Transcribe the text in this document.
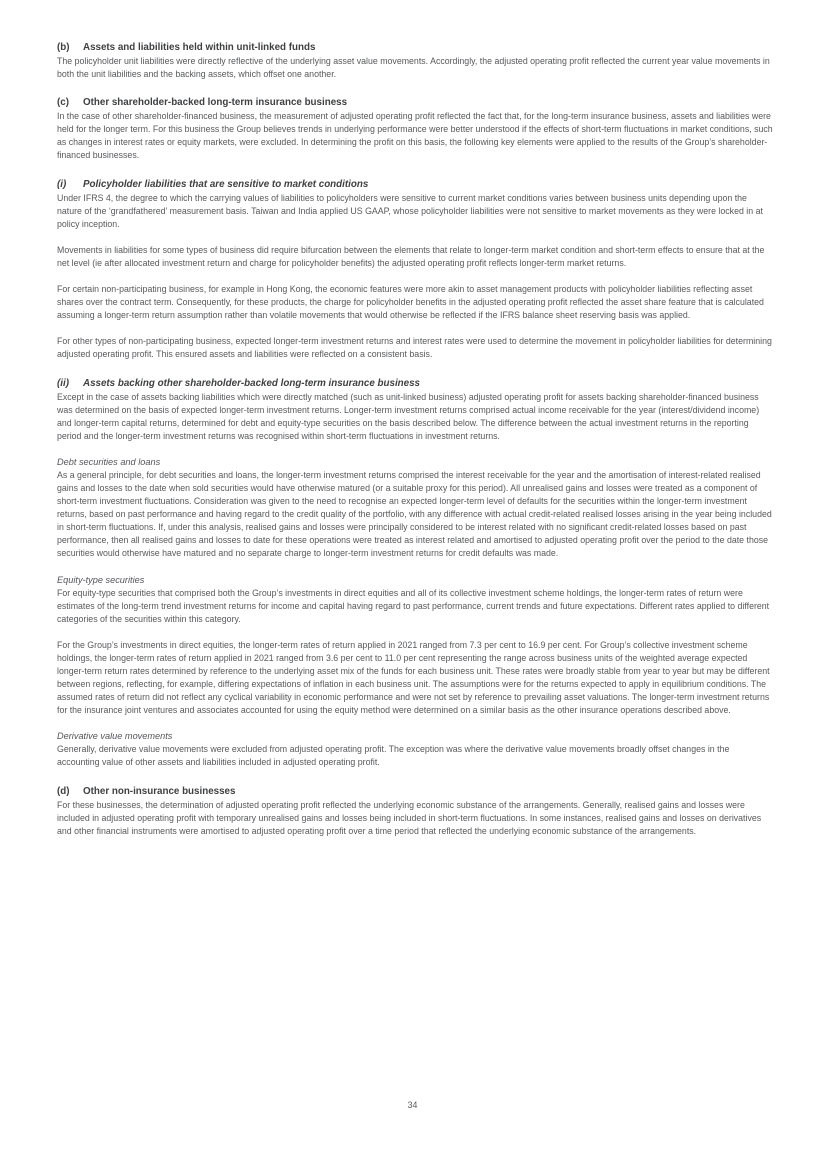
(b)	Assets and liabilities held within unit-linked funds

The policyholder unit liabilities were directly reflective of the underlying asset value movements. Accordingly, the adjusted operating profit reflected the current year value movements in both the unit liabilities and the backing assets, which offset one another.

(c)	Other shareholder-backed long-term insurance business

In the case of other shareholder-financed business, the measurement of adjusted operating profit reflected the fact that, for the long-term insurance business, assets and liabilities were held for the longer term. For this business the Group believes trends in underlying performance were better understood if the effects of short-term fluctuations in market conditions, such as changes in interest rates or equity markets, were excluded. In determining the profit on this basis, the following key elements were applied to the results of the Group’s shareholder-financed businesses.

(i)	Policyholder liabilities that are sensitive to market conditions

Under IFRS 4, the degree to which the carrying values of liabilities to policyholders were sensitive to current market conditions varies between business units depending upon the nature of the ‘grandfathered’ measurement basis. Taiwan and India applied US GAAP, whose policyholder liabilities were not sensitive to market movements as they were locked in at policy inception.

Movements in liabilities for some types of business did require bifurcation between the elements that relate to longer-term market condition and short-term effects to ensure that at the net level (ie after allocated investment return and charge for policyholder benefits) the adjusted operating profit reflects longer-term market returns.

For certain non-participating business, for example in Hong Kong, the economic features were more akin to asset management products with policyholder liabilities reflecting asset shares over the contract term. Consequently, for these products, the charge for policyholder benefits in the adjusted operating profit reflected the asset share feature that is calculated assuming a longer-term return assumption rather than volatile movements that would otherwise be reflected if the IFRS balance sheet reserving basis was applied.

For other types of non-participating business, expected longer-term investment returns and interest rates were used to determine the movement in policyholder liabilities for determining adjusted operating profit. This ensured assets and liabilities were reflected on a consistent basis.

(ii)	Assets backing other shareholder-backed long-term insurance business

Except in the case of assets backing liabilities which were directly matched (such as unit-linked business) adjusted operating profit for assets backing shareholder-financed business was determined on the basis of expected longer-term investment returns. Longer-term investment returns comprised actual income receivable for the year (interest/dividend income) and longer-term capital returns, determined for debt and equity-type securities on the basis described below. The difference between the actual investment returns in the reporting period and the longer-term investment returns was recognised within short-term fluctuations in investment returns.

Debt securities and loans

As a general principle, for debt securities and loans, the longer-term investment returns comprised the interest receivable for the year and the amortisation of interest-related realised gains and losses to the date when sold securities would have otherwise matured (or a suitable proxy for this period). All unrealised gains and losses were treated as a component of short-term investment fluctuations. Consideration was given to the need to recognise an expected longer-term level of defaults for the securities within the longer-term investment returns, based on past performance and having regard to the credit quality of the portfolio, with any difference with actual credit-related realised losses arising in the year being included in short-term fluctuations. If, under this analysis, realised gains and losses were principally considered to be interest related with no significant credit-related losses based on past performance, then all realised gains and losses to date for these operations were treated as interest related and amortised to adjusted operating profit over the period to the date those securities would otherwise have matured and no separate charge to longer-term investment returns for credit defaults was made.

Equity-type securities

For equity-type securities that comprised both the Group’s investments in direct equities and all of its collective investment scheme holdings, the longer-term rates of return were estimates of the long-term trend investment returns for income and capital having regard to past performance, current trends and future expectations. Different rates applied to different categories of the securities within this category.

For the Group’s investments in direct equities, the longer-term rates of return applied in 2021 ranged from 7.3 per cent to 16.9 per cent. For Group’s collective investment scheme holdings, the longer-term rates of return applied in 2021 ranged from 3.6 per cent to 11.0 per cent representing the range across business units of the weighted average expected longer-term return rates determined by reference to the underlying asset mix of the funds for each business unit. These rates were broadly stable from year to year but may be different between regions, reflecting, for example, differing expectations of inflation in each business unit. The assumptions were for the returns expected to apply in equilibrium conditions. The assumed rates of return did not reflect any cyclical variability in economic performance and were not set by reference to prevailing asset valuations. The longer-term investment returns for the insurance joint ventures and associates accounted for using the equity method were determined on a similar basis as the other insurance operations described above.

Derivative value movements

Generally, derivative value movements were excluded from adjusted operating profit. The exception was where the derivative value movements broadly offset changes in the accounting value of other assets and liabilities included in adjusted operating profit.

(d)	Other non-insurance businesses

For these businesses, the determination of adjusted operating profit reflected the underlying economic substance of the arrangements. Generally, realised gains and losses were included in adjusted operating profit with temporary unrealised gains and losses being included in short-term fluctuations. In some instances, realised gains and losses on derivatives and other financial instruments were amortised to adjusted operating profit over a time period that reflected the underlying economic substance of the arrangements.

34
